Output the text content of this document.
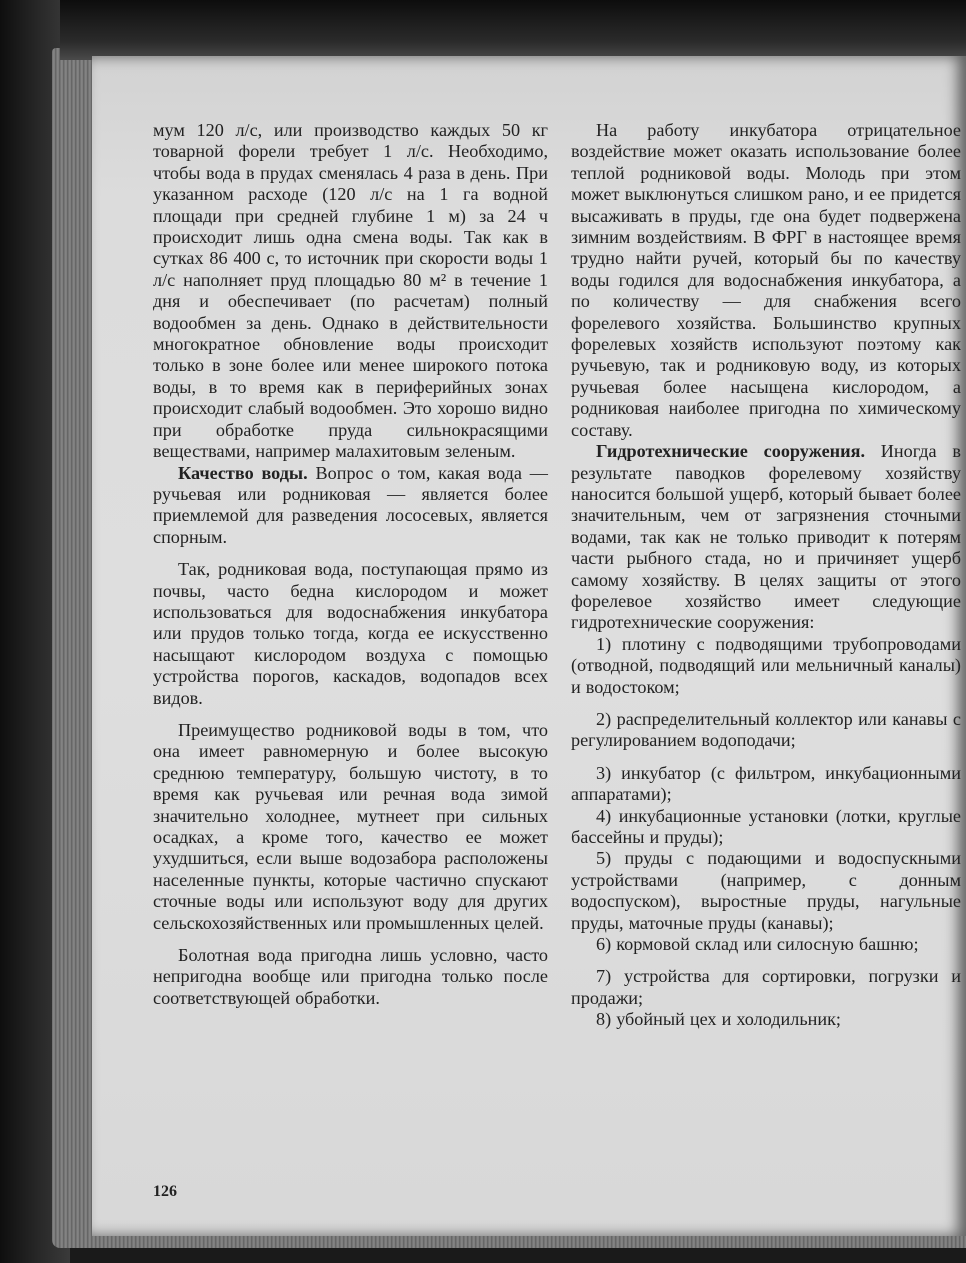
мум 120 л/с, или производство каждых 50 кг товарной форели требует 1 л/с. Необходимо, чтобы вода в прудах сменялась 4 раза в день. При указанном расходе (120 л/с на 1 га водной площади при средней глубине 1 м) за 24 ч происходит лишь одна смена воды. Так как в сутках 86 400 с, то источник при скорости воды 1 л/с наполняет пруд площадью 80 м² в течение 1 дня и обеспечивает (по расчетам) полный водообмен за день. Однако в действительности многократное обновление воды происходит только в зоне более или менее широкого потока воды, в то время как в периферийных зонах происходит слабый водообмен. Это хорошо видно при обработке пруда сильнокрасящими веществами, например малахитовым зеленым.

Качество воды. Вопрос о том, какая вода — ручьевая или родниковая — является более приемлемой для разведения лососевых, является спорным.

Так, родниковая вода, поступающая прямо из почвы, часто бедна кислородом и может использоваться для водоснабжения инкубатора или прудов только тогда, когда ее искусственно насыщают кислородом воздуха с помощью устройства порогов, каскадов, водопадов всех видов.

Преимущество родниковой воды в том, что она имеет равномерную и более высокую среднюю температуру, большую чистоту, в то время как ручьевая или речная вода зимой значительно холоднее, мутнеет при сильных осадках, а кроме того, качество ее может ухудшиться, если выше водозабора расположены населенные пункты, которые частично спускают сточные воды или используют воду для других сельскохозяйственных или промышленных целей.

Болотная вода пригодна лишь условно, часто непригодна вообще или пригодна только после соответствующей обработки.

На работу инкубатора отрицательное воздействие может оказать использование более теплой родниковой воды. Молодь при этом может выклюнуться слишком рано, и ее придется высаживать в пруды, где она будет подвержена зимним воздействиям. В ФРГ в настоящее время трудно найти ручей, который бы по качеству воды годился для водоснабжения инкубатора, а по количеству — для снабжения всего форелевого хозяйства. Большинство крупных форелевых хозяйств используют поэтому как ручьевую, так и родниковую воду, из которых ручьевая более насыщена кислородом, а родниковая наиболее пригодна по химическому составу.

Гидротехнические сооружения. Иногда в результате паводков форелевому хозяйству наносится большой ущерб, который бывает более значительным, чем от загрязнения сточными водами, так как не только приводит к потерям части рыбного стада, но и причиняет ущерб самому хозяйству. В целях защиты от этого форелевое хозяйство имеет следующие гидротехнические сооружения:

1) плотину с подводящими трубопроводами (отводной, подводящий или мельничный каналы) и водостоком;

2) распределительный коллектор или канавы с регулированием водоподачи;

3) инкубатор (с фильтром, инкубационными аппаратами);

4) инкубационные установки (лотки, круглые бассейны и пруды);

5) пруды с подающими и водоспускными устройствами (например, с донным водоспуском), выростные пруды, нагульные пруды, маточные пруды (канавы);

6) кормовой склад или силосную башню;

7) устройства для сортировки, погрузки и продажи;

8) убойный цех и холодильник;

126
